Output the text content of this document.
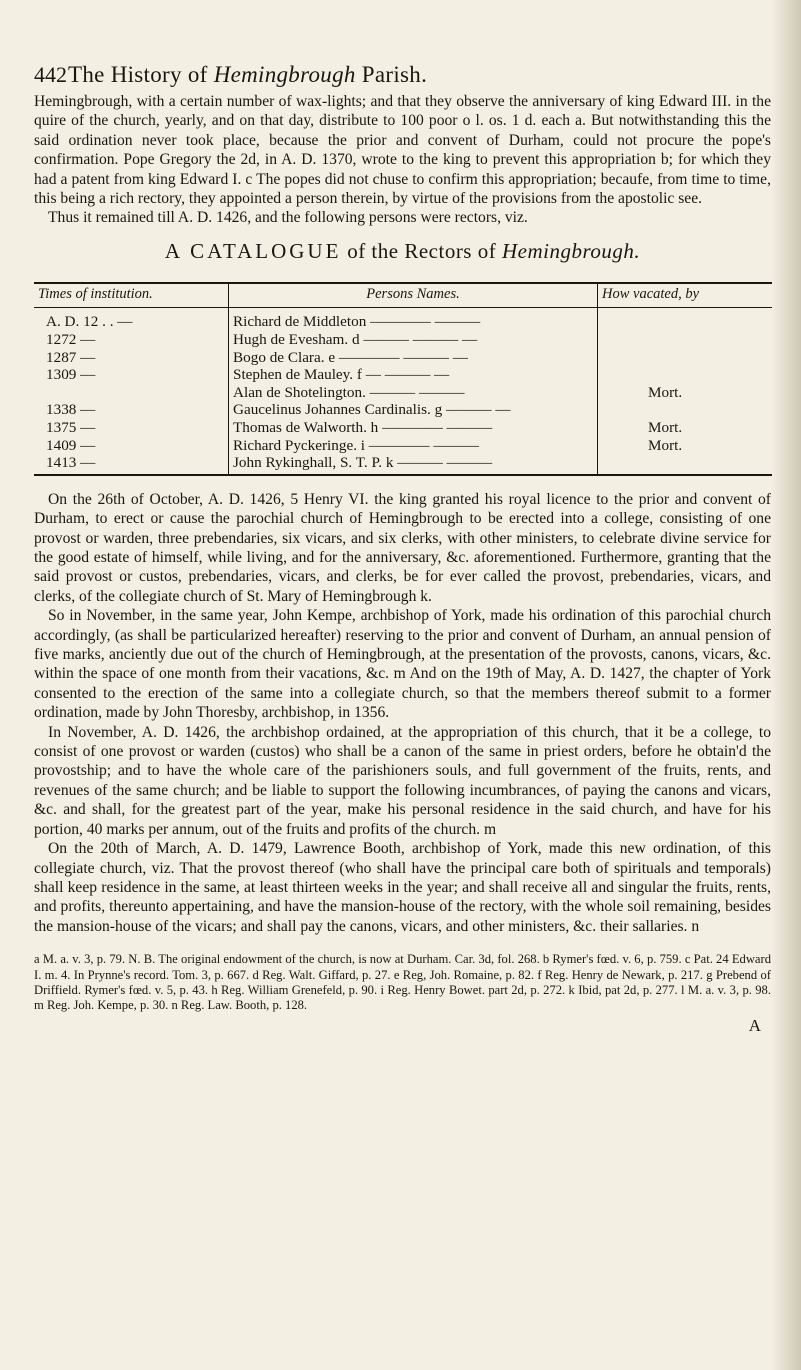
442 The History of Hemingbrough Parish.

Hemingbrough, with a certain number of wax-lights; and that they observe the anniversary of king Edward III. in the quire of the church, yearly, and on that day, distribute to 100 poor o l. os. 1 d. each a. But notwithstanding this the said ordination never took place, because the prior and convent of Durham, could not procure the pope's confirmation. Pope Gregory the 2d, in A. D. 1370, wrote to the king to prevent this appropriation b; for which they had a patent from king Edward I. c The popes did not chuse to confirm this appropriation; becaufe, from time to time, this being a rich rectory, they appointed a person therein, by virtue of the provisions from the apostolic see.

Thus it remained till A. D. 1426, and the following persons were rectors, viz.

A CATALOGUE of the Rectors of Hemingbrough.
Times of institution.	Persons Names.	How vacated, by
A. D. 12 . . —	Richard de Middleton ———— ———	
1272 —	Hugh de Evesham. d ——— ——— —	
1287 —	Bogo de Clara. e ———— ——— —	
1309 —	Stephen de Mauley. f — ——— —	
	Alan de Shotelington. ——— ———	Mort.
1338 —	Gaucelinus Johannes Cardinalis. g ——— —	
1375 —	Thomas de Walworth. h ———— ———	Mort.
1409 —	Richard Pyckeringe. i ———— ———	Mort.
1413 —	John Rykinghall, S. T. P. k ——— ———	

On the 26th of October, A. D. 1426, 5 Henry VI. the king granted his royal licence to the prior and convent of Durham, to erect or cause the parochial church of Hemingbrough to be erected into a college, consisting of one provost or warden, three prebendaries, six vicars, and six clerks, with other ministers, to celebrate divine service for the good estate of himself, while living, and for the anniversary, &c. aforementioned. Furthermore, granting that the said provost or custos, prebendaries, vicars, and clerks, be for ever called the provost, prebendaries, vicars, and clerks, of the collegiate church of St. Mary of Hemingbrough k.

So in November, in the same year, John Kempe, archbishop of York, made his ordination of this parochial church accordingly, (as shall be particularized hereafter) reserving to the prior and convent of Durham, an annual pension of five marks, anciently due out of the church of Hemingbrough, at the presentation of the provosts, canons, vicars, &c. within the space of one month from their vacations, &c. m And on the 19th of May, A. D. 1427, the chapter of York consented to the erection of the same into a collegiate church, so that the members thereof submit to a former ordination, made by John Thoresby, archbishop, in 1356.

In November, A. D. 1426, the archbishop ordained, at the appropriation of this church, that it be a college, to consist of one provost or warden (custos) who shall be a canon of the same in priest orders, before he obtain'd the provostship; and to have the whole care of the parishioners souls, and full government of the fruits, rents, and revenues of the same church; and be liable to support the following incumbrances, of paying the canons and vicars, &c. and shall, for the greatest part of the year, make his personal residence in the said church, and have for his portion, 40 marks per annum, out of the fruits and profits of the church. m

On the 20th of March, A. D. 1479, Lawrence Booth, archbishop of York, made this new ordination, of this collegiate church, viz. That the provost thereof (who shall have the principal care both of spirituals and temporals) shall keep residence in the same, at least thirteen weeks in the year; and shall receive all and singular the fruits, rents, and profits, thereunto appertaining, and have the mansion-house of the rectory, with the whole soil remaining, besides the mansion-house of the vicars; and shall pay the canons, vicars, and other ministers, &c. their sallaries. n

a M. a. v. 3, p. 79. N. B. The original endowment of the church, is now at Durham. Car. 3d, fol. 268. b Rymer's fœd. v. 6, p. 759. c Pat. 24 Edward I. m. 4. In Prynne's record. Tom. 3, p. 667. d Reg. Walt. Giffard, p. 27. e Reg, Joh. Romaine, p. 82. f Reg. Henry de Newark, p. 217. g Prebend of Driffield. Rymer's fœd. v. 5, p. 43. h Reg. William Grenefeld, p. 90. i Reg. Henry Bowet. part 2d, p. 272. k Ibid, pat 2d, p. 277. l M. a. v. 3, p. 98. m Reg. Joh. Kempe, p. 30. n Reg. Law. Booth, p. 128.
A
